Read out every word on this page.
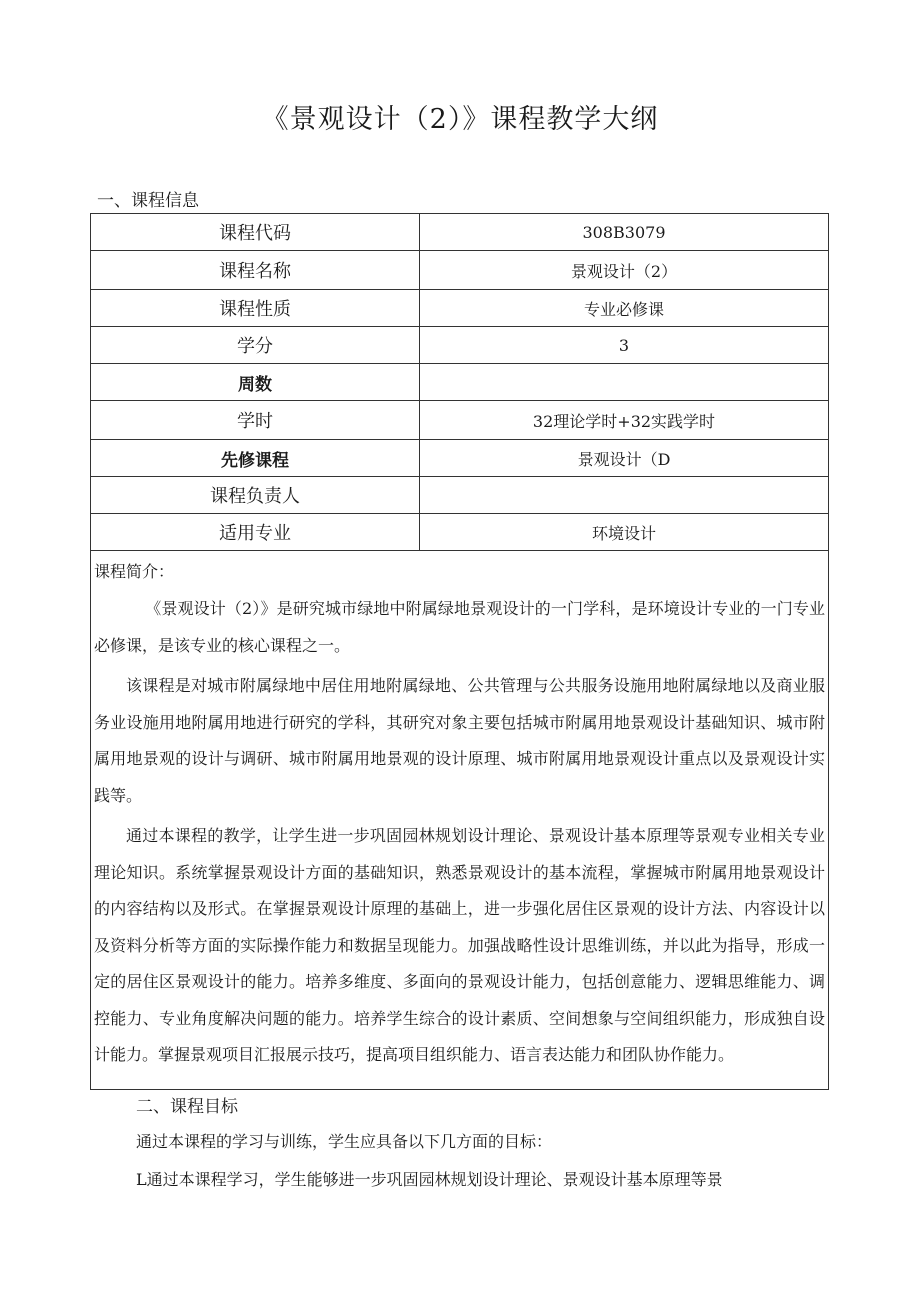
《景观设计（2）》课程教学大纲
一、课程信息
课程代码	308B3079
课程名称	景观设计（2）
课程性质	专业必修课
学分	3
周数	
学时	32理论学时+32实践学时
先修课程	景观设计（D
课程负责人	
适用专业	环境设计

课程简介：

《景观设计（2）》是研究城市绿地中附属绿地景观设计的一门学科，是环境设计专业的一门专业必修课，是该专业的核心课程之一。

该课程是对城市附属绿地中居住用地附属绿地、公共管理与公共服务设施用地附属绿地以及商业服务业设施用地附属用地进行研究的学科，其研究对象主要包括城市附属用地景观设计基础知识、城市附属用地景观的设计与调研、城市附属用地景观的设计原理、城市附属用地景观设计重点以及景观设计实践等。

通过本课程的教学，让学生进一步巩固园林规划设计理论、景观设计基本原理等景观专业相关专业理论知识。系统掌握景观设计方面的基础知识，熟悉景观设计的基本流程，掌握城市附属用地景观设计的内容结构以及形式。在掌握景观设计原理的基础上，进一步强化居住区景观的设计方法、内容设计以及资料分析等方面的实际操作能力和数据呈现能力。加强战略性设计思维训练，并以此为指导，形成一定的居住区景观设计的能力。培养多维度、多面向的景观设计能力，包括创意能力、逻辑思维能力、调控能力、专业角度解决问题的能力。培养学生综合的设计素质、空间想象与空间组织能力，形成独自设计能力。掌握景观项目汇报展示技巧，提高项目组织能力、语言表达能力和团队协作能力。

二、课程目标

通过本课程的学习与训练，学生应具备以下几方面的目标：

L通过本课程学习，学生能够进一步巩固园林规划设计理论、景观设计基本原理等景
